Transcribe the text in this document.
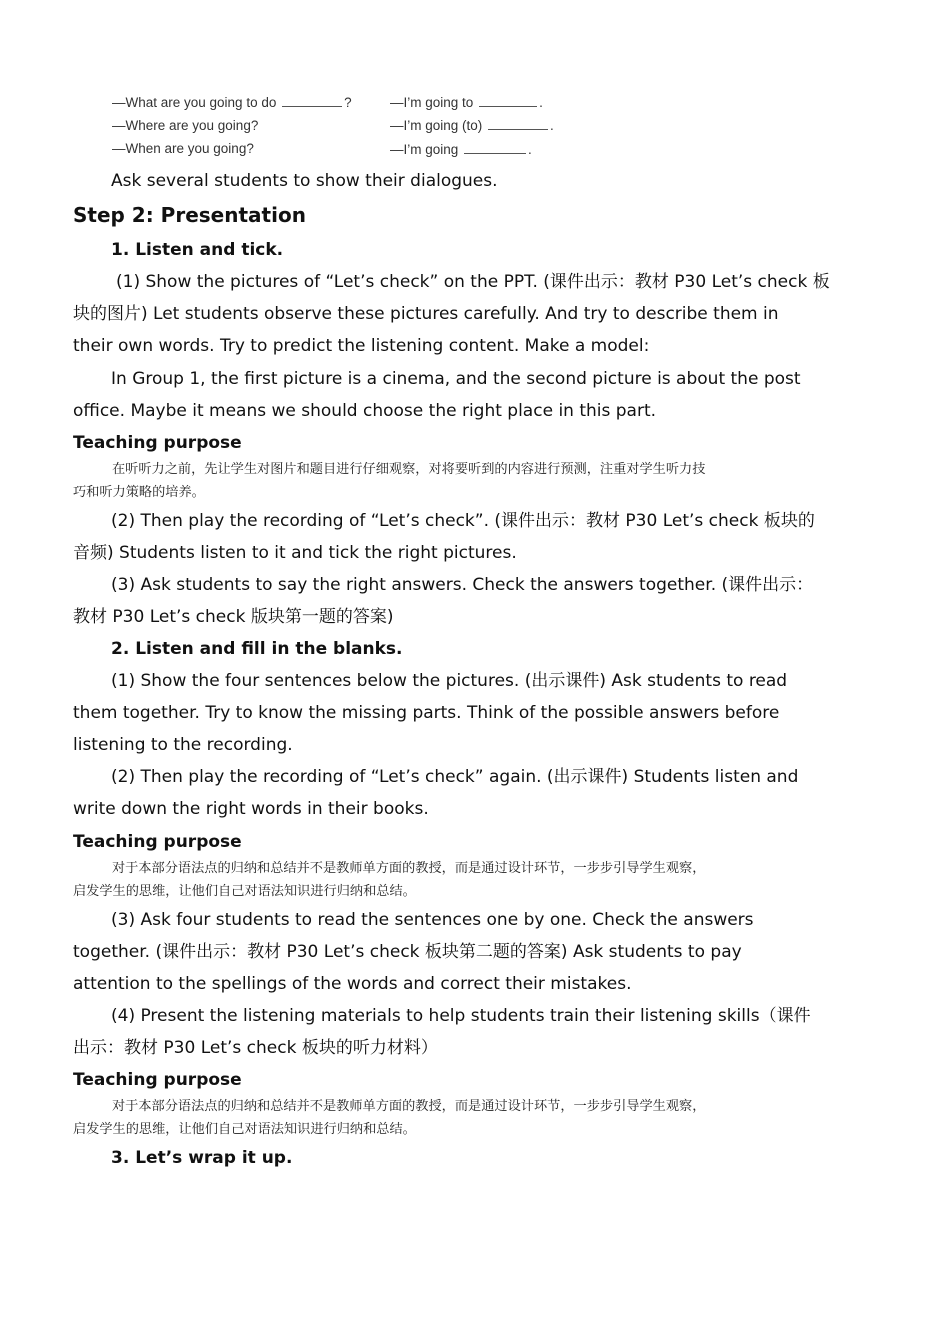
—What are you going to do	?	—I’m going to	.
—Where are you going?	—I’m going (to)	.
—When are you going?	—I’m going	.
Ask several students to show their dialogues.
Step 2: Presentation
1. Listen and tick.
(1) Show the pictures of “Let’s check” on the PPT. (课件出示：教材 P30 Let’s check 板
块的图片) Let students observe these pictures carefully. And try to describe them in
their own words. Try to predict the listening content. Make a model:
In Group 1, the first picture is a cinema, and the second picture is about the post
office. Maybe it means we should choose the right place in this part.
Teaching purpose
在听听力之前，先让学生对图片和题目进行仔细观察，对将要听到的内容进行预测，注重对学生听力技
巧和听力策略的培养。
(2) Then play the recording of “Let’s check”. (课件出示：教材 P30 Let’s check 板块的
音频) Students listen to it and tick the right pictures.
(3) Ask students to say the right answers. Check the answers together. (课件出示：
教材 P30 Let’s check 版块第一题的答案)
2. Listen and fill in the blanks.
(1) Show the four sentences below the pictures. (出示课件) Ask students to read
them together. Try to know the missing parts. Think of the possible answers before
listening to the recording.
(2) Then play the recording of “Let’s check” again. (出示课件) Students listen and
write down the right words in their books.
Teaching purpose
对于本部分语法点的归纳和总结并不是教师单方面的教授，而是通过设计环节，一步步引导学生观察，
启发学生的思维，让他们自己对语法知识进行归纳和总结。
(3) Ask four students to read the sentences one by one. Check the answers
together. (课件出示：教材 P30 Let’s check 板块第二题的答案) Ask students to pay
attention to the spellings of the words and correct their mistakes.
(4) Present the listening materials to help students train their listening skills（课件
出示：教材 P30 Let’s check 板块的听力材料）
Teaching purpose
对于本部分语法点的归纳和总结并不是教师单方面的教授，而是通过设计环节，一步步引导学生观察，
启发学生的思维，让他们自己对语法知识进行归纳和总结。
3. Let’s wrap it up.
